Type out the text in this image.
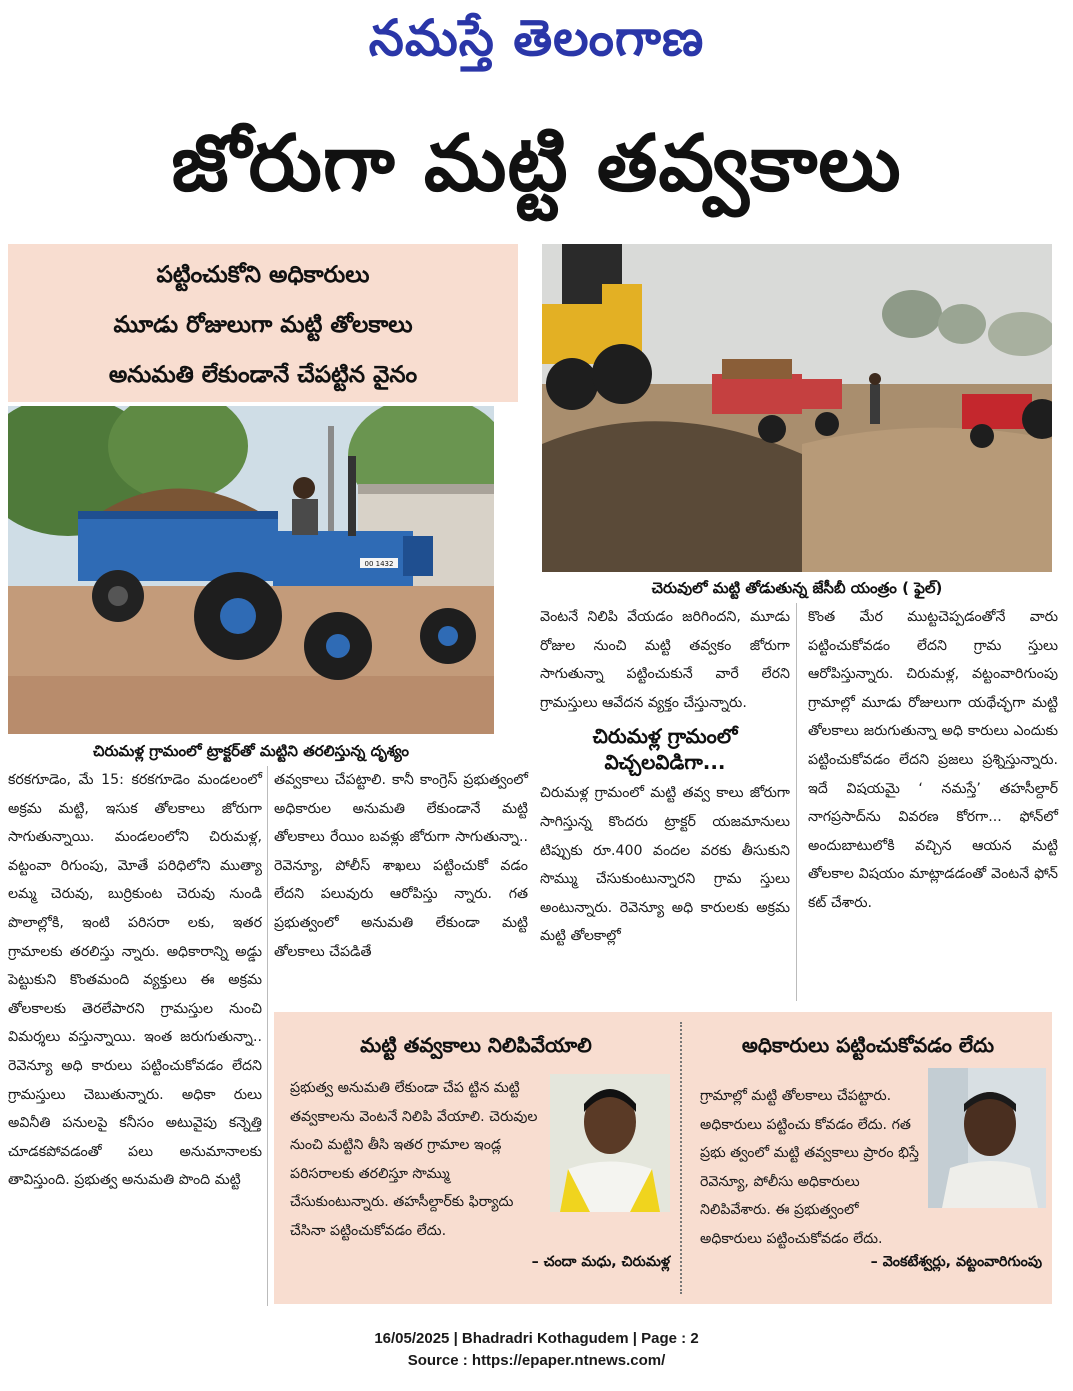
నమస్తే తెలంగాణ
జోరుగా మట్టి తవ్వకాలు
పట్టించుకోని అధికారులు
మూడు రోజులుగా మట్టి తోలకాలు
అనుమతి లేకుండానే చేపట్టిన వైనం
00 1432
చిరుమళ్ల గ్రామంలో ట్రాక్టర్‌తో మట్టిని తరలిస్తున్న దృశ్యం
చెరువులో మట్టి తోడుతున్న జేసీబీ యంత్రం ( ఫైల్)

కరకగూడెం, మే 15: కరకగూడెం మండలంలో అక్రమ మట్టి, ఇసుక తోలకాలు జోరుగా సాగుతున్నాయి. మండలంలోని చిరుమళ్ల, వట్టంవా రిగుంపు, మోతే పరిధిలోని ముత్యా లమ్మ చెరువు, బుర్రికుంట చెరువు నుండి పొలాల్లోకి, ఇంటి పరిసరా లకు, ఇతర గ్రామాలకు తరలిస్తు న్నారు. అధికారాన్ని అడ్డు పెట్టుకుని కొంతమంది వ్యక్తులు ఈ అక్రమ తోలకాలకు తెరలేపారని గ్రామస్తుల నుంచి విమర్శలు వస్తున్నాయి. ఇంత జరుగుతున్నా.. రెవెన్యూ అధి కారులు పట్టించుకోవడం లేదని గ్రామస్తులు చెబుతున్నారు. అధికా రులు అవినీతి పనులపై కనీసం అటువైపు కన్నెత్తి చూడకపోవడంతో పలు అనుమానాలకు తావిస్తుంది. ప్రభుత్వ అనుమతి పొంది మట్టి

తవ్వకాలు చేపట్టాలి. కానీ కాంగ్రెస్ ప్రభుత్వంలో అధికారుల అనుమతి లేకుండానే మట్టి తోలకాలు రేయిం బవళ్లు జోరుగా సాగుతున్నా.. రెవెన్యూ, పోలీస్ శాఖలు పట్టించుకో వడం లేదని పలువురు ఆరోపిస్తు న్నారు. గత ప్రభుత్వంలో అనుమతి లేకుండా మట్టి తోలకాలు చేపడితే

వెంటనే నిలిపి వేయడం జరిగిందని, మూడు రోజుల నుంచి మట్టి తవ్వకం జోరుగా సాగుతున్నా పట్టించుకునే వారే లేరని గ్రామస్తులు ఆవేదన వ్యక్తం చేస్తున్నారు.

చిరుమళ్ల గ్రామంలో విచ్చలవిడిగా...

చిరుమళ్ల గ్రామంలో మట్టి తవ్వ కాలు జోరుగా సాగిస్తున్న కొందరు ట్రాక్టర్ యజమానులు టిప్పుకు రూ.400 వందల వరకు తీసుకుని సొమ్ము చేసుకుంటున్నారని గ్రామ స్తులు అంటున్నారు. రెవెన్యూ అధి కారులకు అక్రమ మట్టి తోలకాల్లో

కొంత మేర ముట్టచెప్పడంతోనే వారు పట్టించుకోవడం లేదని గ్రామ స్తులు ఆరోపిస్తున్నారు. చిరుమళ్ల, వట్టంవారిగుంపు గ్రామాల్లో మూడు రోజులుగా యథేచ్ఛగా మట్టి తోలకాలు జరుగుతున్నా అధి కారులు ఎందుకు పట్టించుకోవడం లేదని ప్రజలు ప్రశ్నిస్తున్నారు. ఇదే విషయమై ‘ నమస్తే’ తహసీల్దార్ నాగప్రసాద్‌ను వివరణ కోరగా... ఫోన్‌లో అందుబాటులోకి వచ్చిన ఆయన మట్టి తోలకాల విషయం మాట్లాడడంతో వెంటనే ఫోన్ కట్ చేశారు.

మట్టి తవ్వకాలు నిలిపివేయాలి
ప్రభుత్వ అనుమతి లేకుండా చేప ట్టిన మట్టి తవ్వకాలను వెంటనే నిలిపి వేయాలి. చెరువుల నుంచి మట్టిని తీసి ఇతర గ్రామాల ఇండ్ల పరిసరాలకు తరలిస్తూ సొమ్ము చేసుకుంటున్నారు. తహసీల్దార్‌కు ఫిర్యాదు చేసినా పట్టించుకోవడం లేదు.
– చందా మధు, చిరుమళ్ల
అధికారులు పట్టించుకోవడం లేదు
గ్రామాల్లో మట్టి తోలకాలు చేపట్టారు. అధికారులు పట్టించు కోవడం లేదు. గత ప్రభు త్వంలో మట్టి తవ్వకాలు ప్రారం భిస్తే రెవెన్యూ, పోలీసు అధికారులు నిలిపివేశారు. ఈ ప్రభుత్వంలో అధికారులు పట్టించుకోవడం లేదు.
– వెంకటేశ్వర్లు, వట్టంవారిగుంపు
16/05/2025 | Bhadradri Kothagudem | Page : 2
Source : https://epaper.ntnews.com/
